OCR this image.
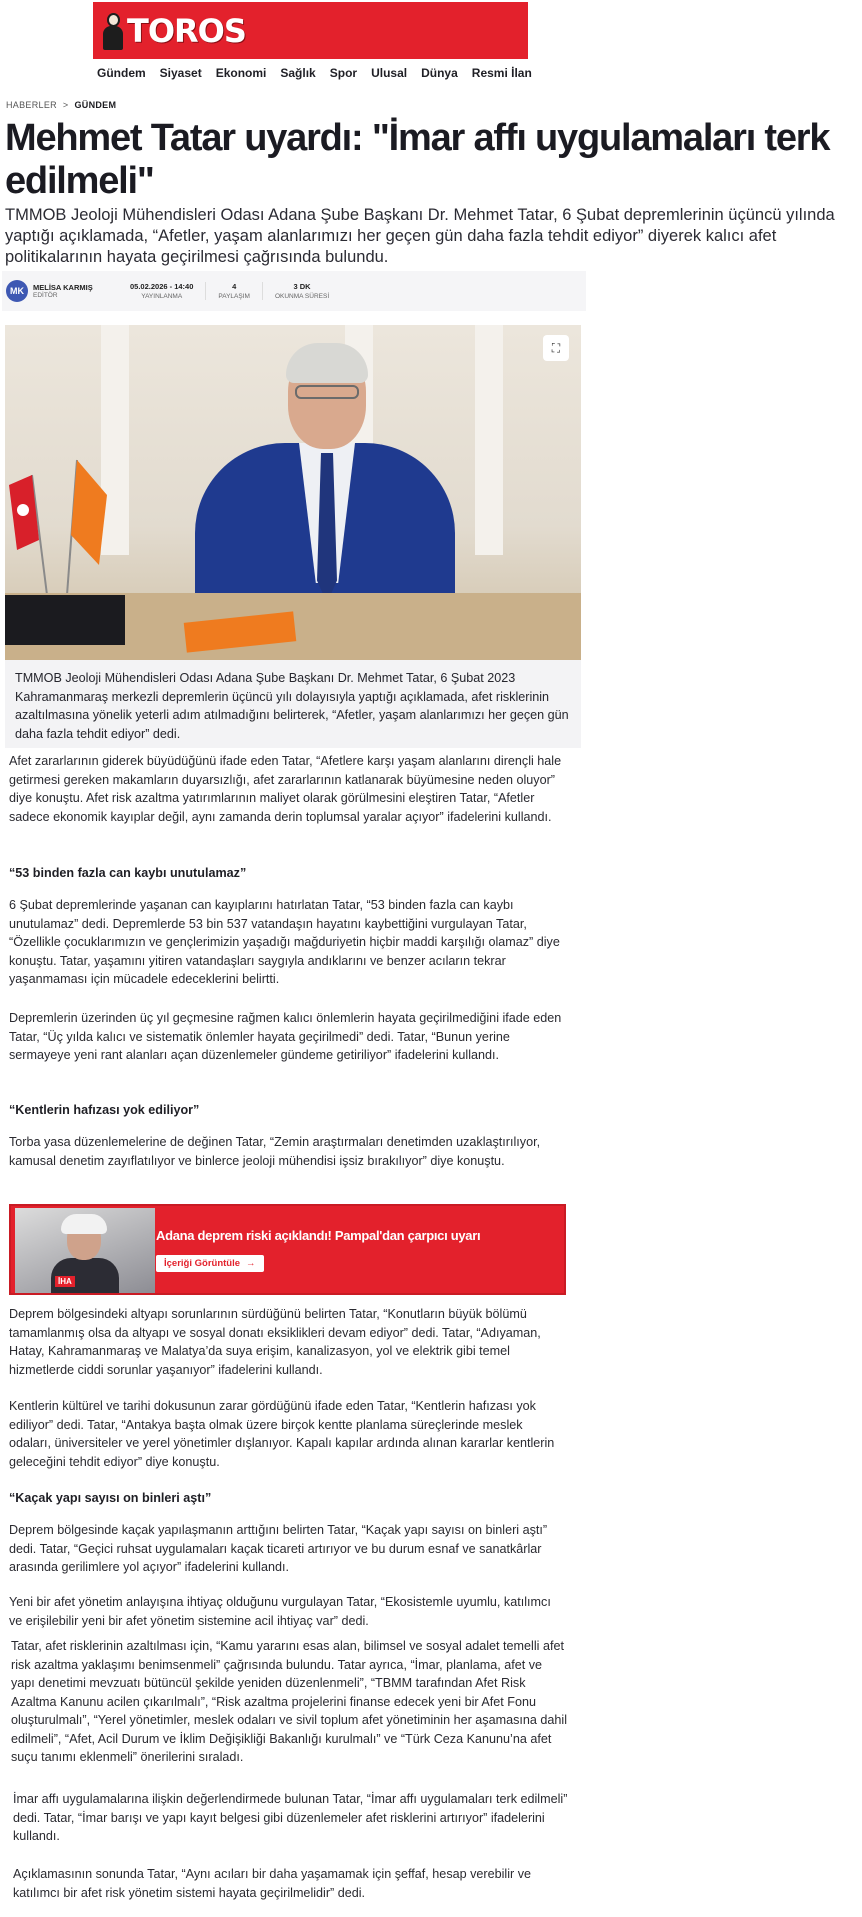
TOROS
Gündem Siyaset Ekonomi Sağlık Spor Ulusal Dünya Resmi İlan
HABERLER > GÜNDEM
Mehmet Tatar uyardı: "İmar affı uygulamaları terk edilmeli"

TMMOB Jeoloji Mühendisleri Odası Adana Şube Başkanı Dr. Mehmet Tatar, 6 Şubat depremlerinin üçüncü yılında yaptığı açıklamada, “Afetler, yaşam alanlarımızı her geçen gün daha fazla tehdit ediyor” diyerek kalıcı afet politikalarının hayata geçirilmesi çağrısında bulundu.

MK	MELİSA KARMIŞ
EDİTÖR
05.02.2026 - 14:40
YAYINLANMA
4
PAYLAŞIM
3 DK
OKUNMA SÜRESİ
⛶
TMMOB Jeoloji Mühendisleri Odası Adana Şube Başkanı Dr. Mehmet Tatar, 6 Şubat 2023 Kahramanmaraş merkezli depremlerin üçüncü yılı dolayısıyla yaptığı açıklamada, afet risklerinin azaltılmasına yönelik yeterli adım atılmadığını belirterek, “Afetler, yaşam alanlarımızı her geçen gün daha fazla tehdit ediyor” dedi.

Afet zararlarının giderek büyüdüğünü ifade eden Tatar, “Afetlere karşı yaşam alanlarını dirençli hale getirmesi gereken makamların duyarsızlığı, afet zararlarının katlanarak büyümesine neden oluyor” diye konuştu. Afet risk azaltma yatırımlarının maliyet olarak görülmesini eleştiren Tatar, “Afetler sadece ekonomik kayıplar değil, aynı zamanda derin toplumsal yaralar açıyor” ifadelerini kullandı.

“53 binden fazla can kaybı unutulamaz”

6 Şubat depremlerinde yaşanan can kayıplarını hatırlatan Tatar, “53 binden fazla can kaybı unutulamaz” dedi. Depremlerde 53 bin 537 vatandaşın hayatını kaybettiğini vurgulayan Tatar, “Özellikle çocuklarımızın ve gençlerimizin yaşadığı mağduriyetin hiçbir maddi karşılığı olamaz” diye konuştu. Tatar, yaşamını yitiren vatandaşları saygıyla andıklarını ve benzer acıların tekrar yaşanmaması için mücadele edeceklerini belirtti.

Depremlerin üzerinden üç yıl geçmesine rağmen kalıcı önlemlerin hayata geçirilmediğini ifade eden Tatar, “Üç yılda kalıcı ve sistematik önlemler hayata geçirilmedi” dedi. Tatar, “Bunun yerine sermayeye yeni rant alanları açan düzenlemeler gündeme getiriliyor” ifadelerini kullandı.

“Kentlerin hafızası yok ediliyor”

Torba yasa düzenlemelerine de değinen Tatar, “Zemin araştırmaları denetimden uzaklaştırılıyor, kamusal denetim zayıflatılıyor ve binlerce jeoloji mühendisi işsiz bırakılıyor” diye konuştu.

İHA
Adana deprem riski açıklandı! Pampal'dan çarpıcı uyarı
İçeriği Görüntüle →

Deprem bölgesindeki altyapı sorunlarının sürdüğünü belirten Tatar, “Konutların büyük bölümü tamamlanmış olsa da altyapı ve sosyal donatı eksiklikleri devam ediyor” dedi. Tatar, “Adıyaman, Hatay, Kahramanmaraş ve Malatya’da suya erişim, kanalizasyon, yol ve elektrik gibi temel hizmetlerde ciddi sorunlar yaşanıyor” ifadelerini kullandı.

Kentlerin kültürel ve tarihi dokusunun zarar gördüğünü ifade eden Tatar, “Kentlerin hafızası yok ediliyor” dedi. Tatar, “Antakya başta olmak üzere birçok kentte planlama süreçlerinde meslek odaları, üniversiteler ve yerel yönetimler dışlanıyor. Kapalı kapılar ardında alınan kararlar kentlerin geleceğini tehdit ediyor” diye konuştu.

“Kaçak yapı sayısı on binleri aştı”

Deprem bölgesinde kaçak yapılaşmanın arttığını belirten Tatar, “Kaçak yapı sayısı on binleri aştı” dedi. Tatar, “Geçici ruhsat uygulamaları kaçak ticareti artırıyor ve bu durum esnaf ve sanatkârlar arasında gerilimlere yol açıyor” ifadelerini kullandı.

Yeni bir afet yönetim anlayışına ihtiyaç olduğunu vurgulayan Tatar, “Ekosistemle uyumlu, katılımcı ve erişilebilir yeni bir afet yönetim sistemine acil ihtiyaç var” dedi.

Tatar, afet risklerinin azaltılması için, “Kamu yararını esas alan, bilimsel ve sosyal adalet temelli afet risk azaltma yaklaşımı benimsenmeli” çağrısında bulundu. Tatar ayrıca, “İmar, planlama, afet ve yapı denetimi mevzuatı bütüncül şekilde yeniden düzenlenmeli”, “TBMM tarafından Afet Risk Azaltma Kanunu acilen çıkarılmalı”, “Risk azaltma projelerini finanse edecek yeni bir Afet Fonu oluşturulmalı”, “Yerel yönetimler, meslek odaları ve sivil toplum afet yönetiminin her aşamasına dahil edilmeli”, “Afet, Acil Durum ve İklim Değişikliği Bakanlığı kurulmalı” ve “Türk Ceza Kanunu’na afet suçu tanımı eklenmeli” önerilerini sıraladı.

İmar affı uygulamalarına ilişkin değerlendirmede bulunan Tatar, “İmar affı uygulamaları terk edilmeli” dedi. Tatar, “İmar barışı ve yapı kayıt belgesi gibi düzenlemeler afet risklerini artırıyor” ifadelerini kullandı.

Açıklamasının sonunda Tatar, “Aynı acıları bir daha yaşamamak için şeffaf, hesap verebilir ve katılımcı bir afet risk yönetim sistemi hayata geçirilmelidir” dedi.
